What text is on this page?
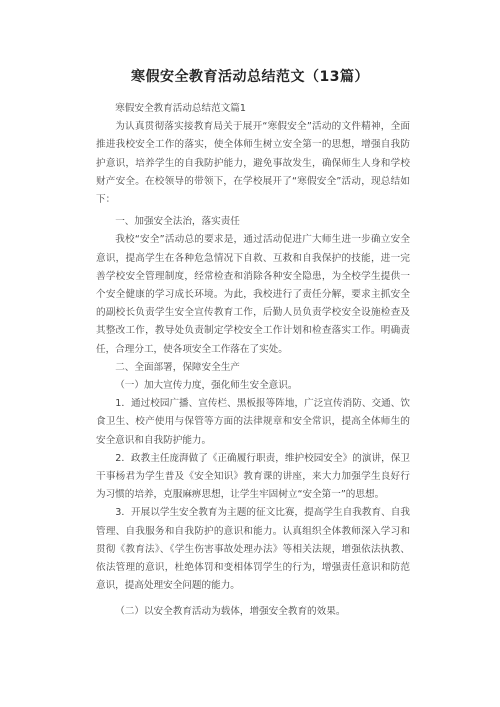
寒假安全教育活动总结范文（13篇）

寒假安全教育活动总结范文篇1

为认真贯彻落实接教育局关于展开“寒假安全”活动的文件精神，全面推进我校安全工作的落实，使全体师生树立安全第一的思想，增强自我防护意识，培养学生的自我防护能力，避免事故发生，确保师生人身和学校财产安全。在校领导的带领下，在学校展开了“寒假安全”活动，现总结如下：

一、加强安全法治，落实责任

我校“安全”活动总的要求是，通过活动促进广大师生进一步确立安全意识，提高学生在各种危急情况下自救、互救和自我保护的技能，进一完善学校安全管理制度，经常检查和消除各种安全隐患，为全校学生提供一个安全健康的学习成长环境。为此，我校进行了责任分解，要求主抓安全的副校长负责学生安全宣传教育工作，后勤人员负责学校安全设施检查及其整改工作，教导处负责制定学校安全工作计划和检查落实工作。明确责任，合理分工，使各项安全工作落在了实处。

二、全面部署，保障安全生产

（一）加大宣传力度，强化师生安全意识。

1．通过校园广播、宣传栏、黑板报等阵地，广泛宣传消防、交通、饮食卫生、校产使用与保管等方面的法律规章和安全常识，提高全体师生的安全意识和自我防护能力。

2．政教主任庞湃做了《正确履行职责，维护校园安全》的演讲，保卫干事杨君为学生普及《安全知识》教育课的讲座，来大力加强学生良好行为习惯的培养，克服麻痹思想，让学生牢固树立“安全第一”的思想。

3．开展以学生安全教育为主题的征文比赛，提高学生自我教育、自我管理、自我服务和自我防护的意识和能力。认真组织全体教师深入学习和贯彻《教育法》、《学生伤害事故处理办法》等相关法规，增强依法执教、依法管理的意识，杜绝体罚和变相体罚学生的行为，增强责任意识和防范意识，提高处理安全问题的能力。

（二）以安全教育活动为载体，增强安全教育的效果。
